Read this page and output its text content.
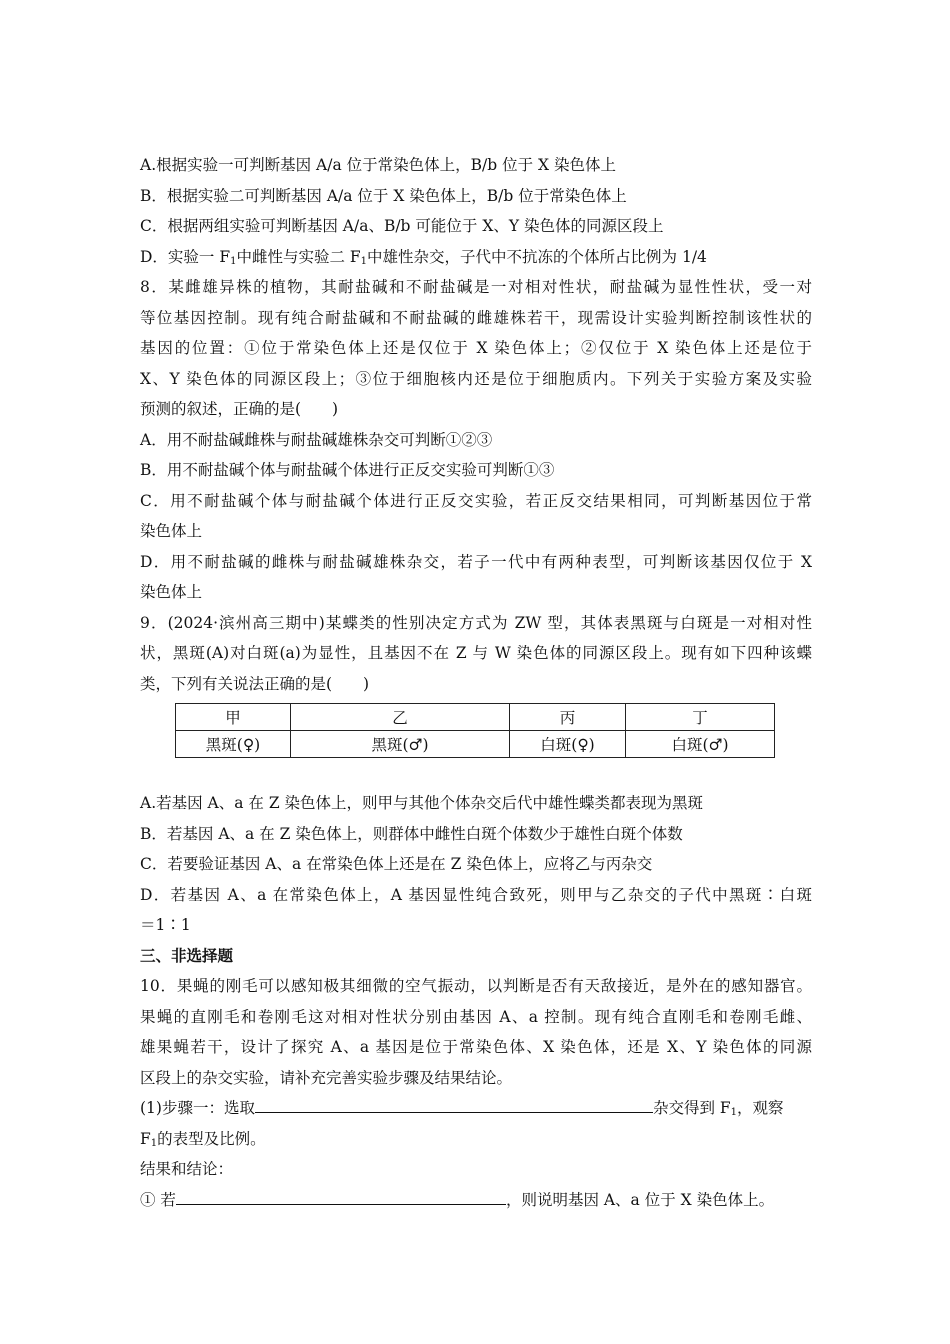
A.根据实验一可判断基因 A/a 位于常染色体上，B/b 位于 X 染色体上
B．根据实验二可判断基因 A/a 位于 X 染色体上，B/b 位于常染色体上
C．根据两组实验可判断基因 A/a、B/b 可能位于 X、Y 染色体的同源区段上
D．实验一 $F_1$中雌性与实验二 $F_1$中雄性杂交，子代中不抗冻的个体所占比例为 1/4
8．某雌雄异株的植物，其耐盐碱和不耐盐碱是一对相对性状，耐盐碱为显性性状，受一对
等位基因控制。现有纯合耐盐碱和不耐盐碱的雌雄株若干，现需设计实验判断控制该性状的
基因的位置：①位于常染色体上还是仅位于 X 染色体上；②仅位于 X 染色体上还是位于
X、Y 染色体的同源区段上；③位于细胞核内还是位于细胞质内。下列关于实验方案及实验
预测的叙述，正确的是(　　)
A．用不耐盐碱雌株与耐盐碱雄株杂交可判断①②③
B．用不耐盐碱个体与耐盐碱个体进行正反交实验可判断①③
C．用不耐盐碱个体与耐盐碱个体进行正反交实验，若正反交结果相同，可判断基因位于常
染色体上
D．用不耐盐碱的雌株与耐盐碱雄株杂交，若子一代中有两种表型，可判断该基因仅位于 X
染色体上
9．(2024·滨州高三期中)某蝶类的性别决定方式为 ZW 型，其体表黑斑与白斑是一对相对性
状，黑斑(A)对白斑(a)为显性，且基因不在 Z 与 W 染色体的同源区段上。现有如下四种该蝶
类，下列有关说法正确的是(　　)
甲	乙	丙	丁
黑斑(♀)	黑斑(♂)	白斑(♀)	白斑(♂)
A.若基因 A、a 在 Z 染色体上，则甲与其他个体杂交后代中雄性蝶类都表现为黑斑
B．若基因 A、a 在 Z 染色体上，则群体中雌性白斑个体数少于雄性白斑个体数
C．若要验证基因 A、a 在常染色体上还是在 Z 染色体上，应将乙与丙杂交
D．若基因 A、a 在常染色体上，A 基因显性纯合致死，则甲与乙杂交的子代中黑斑∶白斑
＝1∶1
三、非选择题
10．果蝇的刚毛可以感知极其细微的空气振动，以判断是否有天敌接近，是外在的感知器官。
果蝇的直刚毛和卷刚毛这对相对性状分别由基因 A、a 控制。现有纯合直刚毛和卷刚毛雌、
雄果蝇若干，设计了探究 A、a 基因是位于常染色体、X 染色体，还是 X、Y 染色体的同源
区段上的杂交实验，请补充完善实验步骤及结果结论。
(1)步骤一：选取	杂交得到 $F_1$，观察
$F_1$的表型及比例。
结果和结论：
① 若	，则说明基因 A、a 位于 X 染色体上。
